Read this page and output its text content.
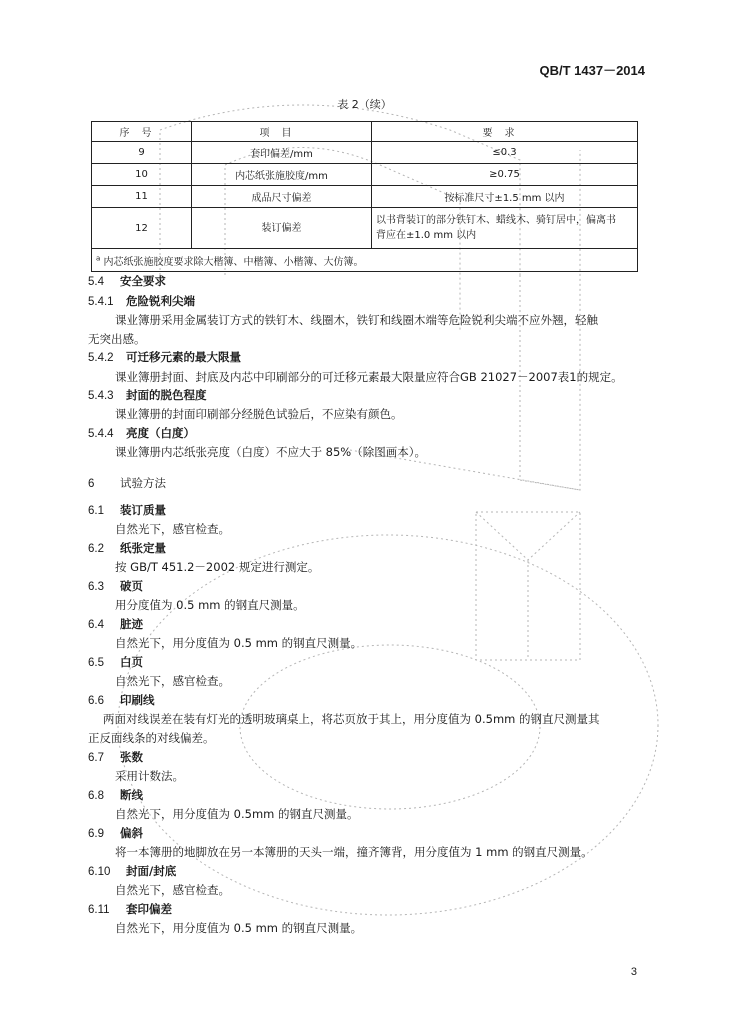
QB/T 1437－2014
表 2（续）
序号	项目	要求
9	套印偏差/mm	≤0.3
10	内芯纸张施胶度/mm	≥0.75
11	成品尺寸偏差	按标准尺寸±1.5 mm 以内
12	装订偏差	以书背装订的部分铁钉木、蜡线木、骑钉居中，偏离书
背应在±1.0 mm 以内

$^a$ 内芯纸张施胶度要求除大楷簿、中楷簿、小楷簿、大仿簿。		
5.4 安全要求
5.4.1 危险锐利尖端
课业簿册采用金属装订方式的铁钉木、线圈木，铁钉和线圈木端等危险锐利尖端不应外翘，轻触
无突出感。
5.4.2 可迁移元素的最大限量
课业簿册封面、封底及内芯中印刷部分的可迁移元素最大限量应符合GB 21027－2007表1的规定。
5.4.3 封面的脱色程度
课业簿册的封面印刷部分经脱色试验后，不应染有颜色。
5.4.4 亮度（白度）
课业簿册内芯纸张亮度（白度）不应大于 85%（除图画本）。
6 试验方法
6.1 装订质量
自然光下，感官检查。
6.2 纸张定量
按 GB/T 451.2－2002 规定进行测定。
6.3 破页
用分度值为 0.5 mm 的钢直尺测量。
6.4 脏迹
自然光下，用分度值为 0.5 mm 的钢直尺测量。
6.5 白页
自然光下，感官检查。
6.6 印刷线
两面对线误差在装有灯光的透明玻璃桌上，将芯页放于其上，用分度值为 0.5mm 的钢直尺测量其
正反面线条的对线偏差。
6.7 张数
采用计数法。
6.8 断线
自然光下，用分度值为 0.5mm 的钢直尺测量。
6.9 偏斜
将一本簿册的地脚放在另一本簿册的天头一端，撞齐簿背，用分度值为 1 mm 的钢直尺测量。
6.10 封面/封底
自然光下，感官检查。
6.11 套印偏差
自然光下，用分度值为 0.5 mm 的钢直尺测量。
3
